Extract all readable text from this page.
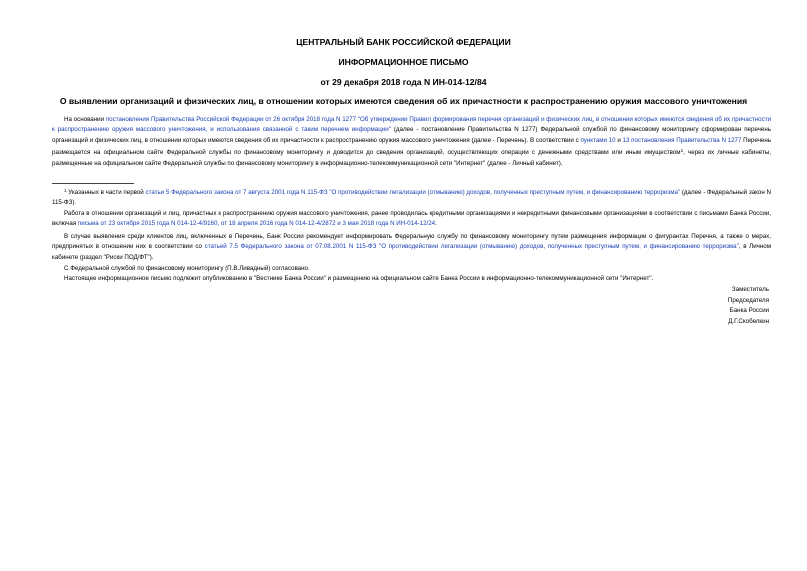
ЦЕНТРАЛЬНЫЙ БАНК РОССИЙСКОЙ ФЕДЕРАЦИИ
ИНФОРМАЦИОННОЕ ПИСЬМО
от 29 декабря 2018 года N ИН-014-12/84
О выявлении организаций и физических лиц, в отношении которых имеются сведения об их причастности к распространению оружия массового уничтожения
На основании постановления Правительства Российской Федерации от 26 октября 2018 года N 1277 "Об утверждении Правил формирования перечня организаций и физических лиц, в отношении которых имеются сведения об их причастности к распространению оружия массового уничтожения, и использования связанной с таким перечнем информации" (далее - постановление Правительства N 1277) Федеральной службой по финансовому мониторингу сформирован перечень организаций и физических лиц, в отношении которых имеются сведения об их причастности к распространению оружия массового уничтожения (далее - Перечень). В соответствии с пунктами 10 и 13 постановления Правительства N 1277 Перечень размещается на официальном сайте Федеральной службы по финансовому мониторингу и доводится до сведения организаций, осуществляющих операции с денежными средствами или иным имуществом$^1$, через их личные кабинеты, размещенные на официальном сайте Федеральной службы по финансовому мониторингу в информационно-телекоммуникационной сети "Интернет" (далее - Личный кабинет).
$^1$ Указанных в части первой статьи 5 Федерального закона от 7 августа 2001 года N 115-ФЗ "О противодействии легализации (отмыванию) доходов, полученных преступным путем, и финансированию терроризма" (далее - Федеральный закон N 115-ФЗ).
Работа в отношении организаций и лиц, причастных к распространению оружия массового уничтожения, ранее проводилась кредитными организациями и некредитными финансовыми организациями в соответствии с письмами Банка России, включая письма от 23 октября 2015 года N 014-12-4/9160, от 18 апреля 2016 года N 014-12-4/2872 и 3 мая 2018 года N ИН-014-12/24.
В случае выявления среди клиентов лиц, включенных в Перечень, Банк России рекомендует информировать Федеральную службу по финансовому мониторингу путем размещения информации о фигурантах Перечня, а также о мерах, предпринятых в отношении них в соответствии со статьей 7.5 Федерального закона от 07.08.2001 N 115-ФЗ "О противодействии легализации (отмыванию) доходов, полученных преступным путем, и финансированию терроризма", в Личном кабинете (раздел "Риски ПОД/ФТ").
С Федеральной службой по финансовому мониторингу (П.В.Ливадный) согласовано.
Настоящее информационное письмо подлежит опубликованию в "Вестнике Банка России" и размещению на официальном сайте Банка России в информационно-телекоммуникационной сети "Интернет".
Заместитель
Председателя
Банка России
Д.Г.Скобелкин
